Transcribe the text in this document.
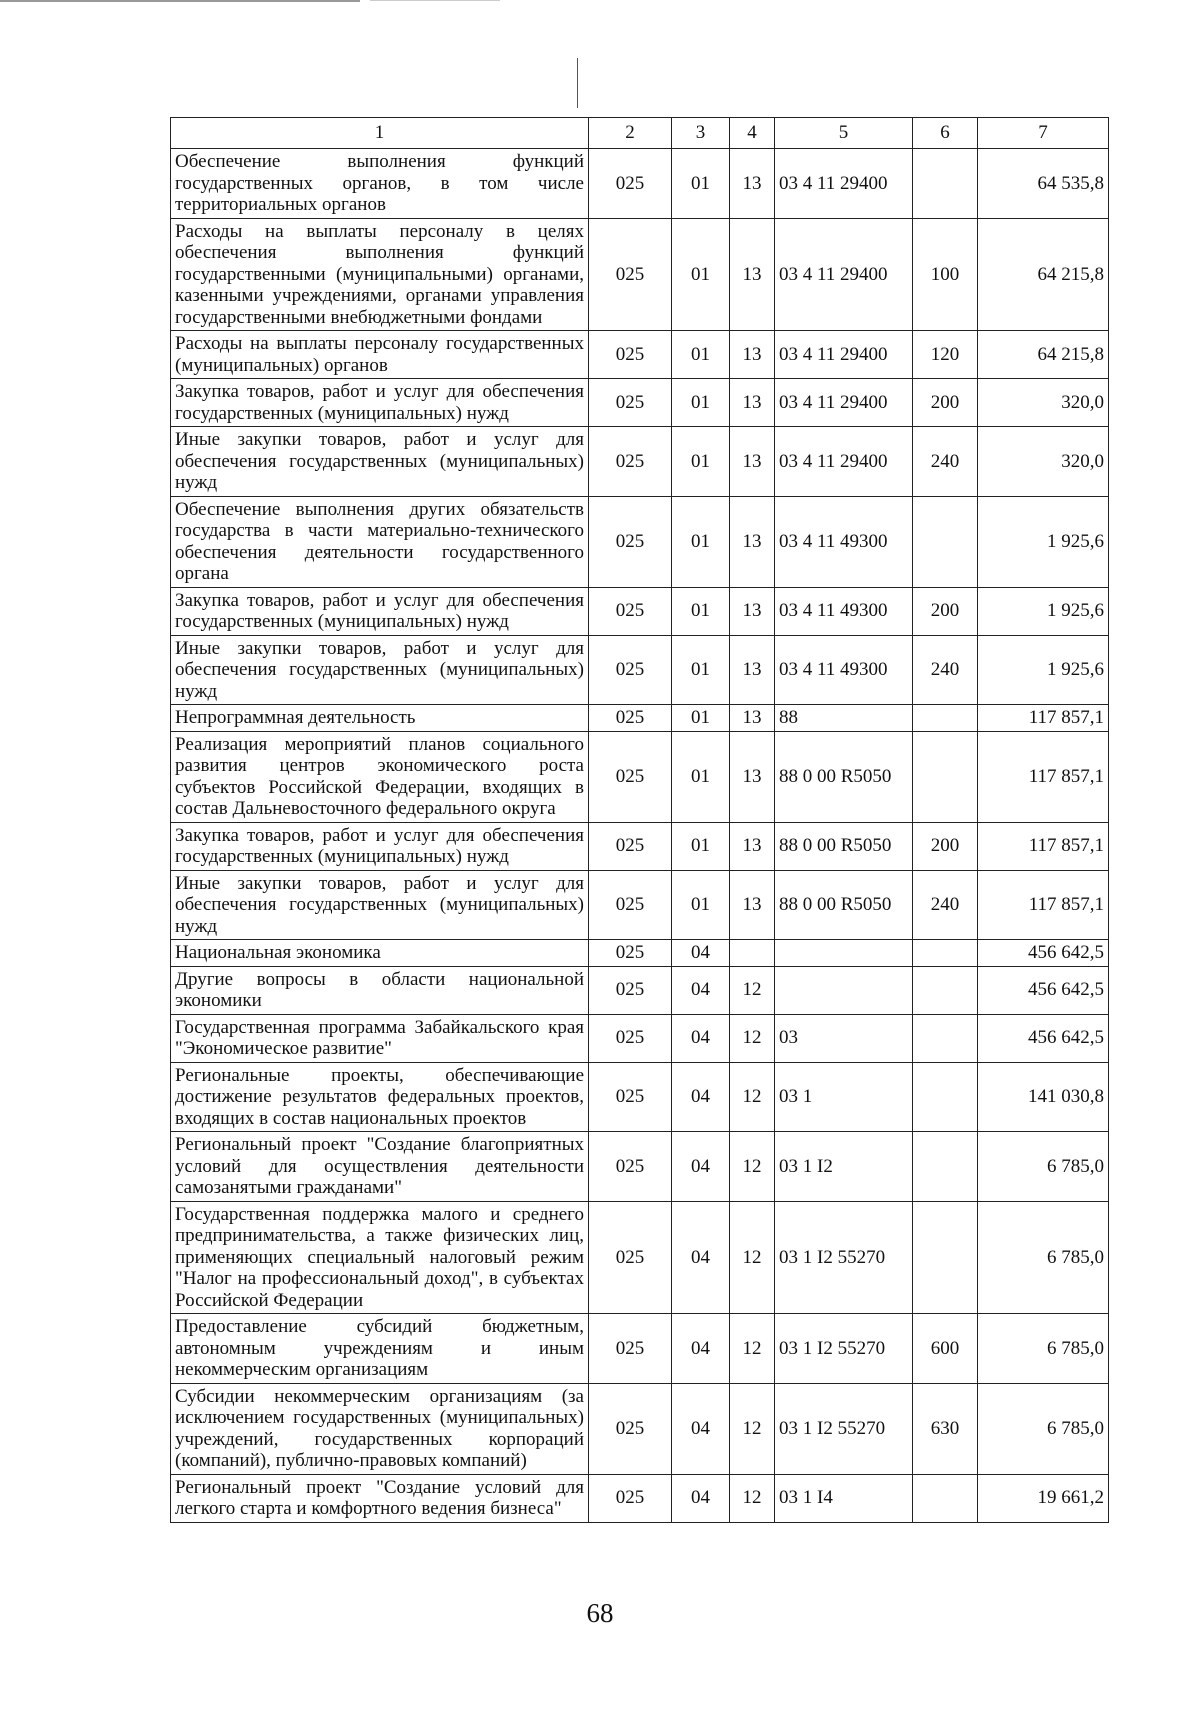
1	2	3	4	5	6	7
Обеспечение выполнения функций государственных органов, в том числе территориальных органов	025	01	13	03 4 11 29400		64 535,8
Расходы на выплаты персоналу в целях обеспечения выполнения функций государственными (муниципальными) органами, казенными учреждениями, органами управления государственными внебюджетными фондами	025	01	13	03 4 11 29400	100	64 215,8
Расходы на выплаты персоналу государственных (муниципальных) органов	025	01	13	03 4 11 29400	120	64 215,8
Закупка товаров, работ и услуг для обеспечения государственных (муниципальных) нужд	025	01	13	03 4 11 29400	200	320,0
Иные закупки товаров, работ и услуг для обеспечения государственных (муниципальных) нужд	025	01	13	03 4 11 29400	240	320,0
Обеспечение выполнения других обязательств государства в части материально-технического обеспечения деятельности государственного органа	025	01	13	03 4 11 49300		1 925,6
Закупка товаров, работ и услуг для обеспечения государственных (муниципальных) нужд	025	01	13	03 4 11 49300	200	1 925,6
Иные закупки товаров, работ и услуг для обеспечения государственных (муниципальных) нужд	025	01	13	03 4 11 49300	240	1 925,6
Непрограммная деятельность	025	01	13	88		117 857,1
Реализация мероприятий планов социального развития центров экономического роста субъектов Российской Федерации, входящих в состав Дальневосточного федерального округа	025	01	13	88 0 00 R5050		117 857,1
Закупка товаров, работ и услуг для обеспечения государственных (муниципальных) нужд	025	01	13	88 0 00 R5050	200	117 857,1
Иные закупки товаров, работ и услуг для обеспечения государственных (муниципальных) нужд	025	01	13	88 0 00 R5050	240	117 857,1
Национальная экономика	025	04				456 642,5
Другие вопросы в области национальной экономики	025	04	12			456 642,5
Государственная программа Забайкальского края "Экономическое развитие"	025	04	12	03		456 642,5
Региональные проекты, обеспечивающие достижение результатов федеральных проектов, входящих в состав национальных проектов	025	04	12	03 1		141 030,8
Региональный проект "Создание благоприятных условий для осуществления деятельности самозанятыми гражданами"	025	04	12	03 1 I2		6 785,0
Государственная поддержка малого и среднего предпринимательства, а также физических лиц, применяющих специальный налоговый режим "Налог на профессиональный доход", в субъектах Российской Федерации	025	04	12	03 1 I2 55270		6 785,0
Предоставление субсидий бюджетным, автономным учреждениям и иным некоммерческим организациям	025	04	12	03 1 I2 55270	600	6 785,0
Субсидии некоммерческим организациям (за исключением государственных (муниципальных) учреждений, государственных корпораций (компаний), публично-правовых компаний)	025	04	12	03 1 I2 55270	630	6 785,0
Региональный проект "Создание условий для легкого старта и комфортного ведения бизнеса"	025	04	12	03 1 I4		19 661,2
68
